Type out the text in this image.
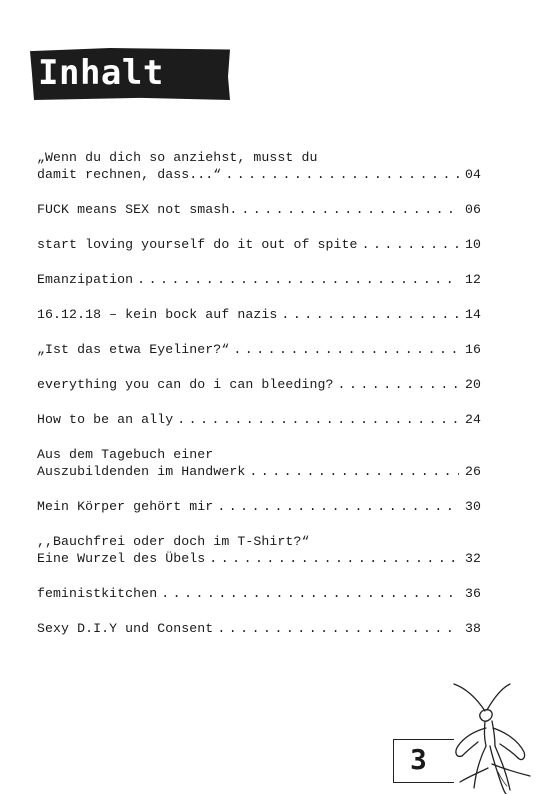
Inhalt
„Wenn du dich so anziehst, musst du
damit rechnen, dass...“ . . .	04
FUCK means SEX not smash. . . .	06
start loving yourself do it out of spite . . .	10
Emanzipation . . .	12
16.12.18 – kein bock auf nazis . . .	14
„Ist das etwa Eyeliner?“ . . .	16
everything you can do i can bleeding? . . .	20
How to be an ally . . .	24
Aus dem Tagebuch einer
Auszubildenden im Handwerk . . .	26
Mein Körper gehört mir . . .	30
,,Bauchfrei oder doch im T-Shirt?“
Eine Wurzel des Übels . . .	32
feministkitchen . . .	36
Sexy D.I.Y und Consent . . .	38
3
